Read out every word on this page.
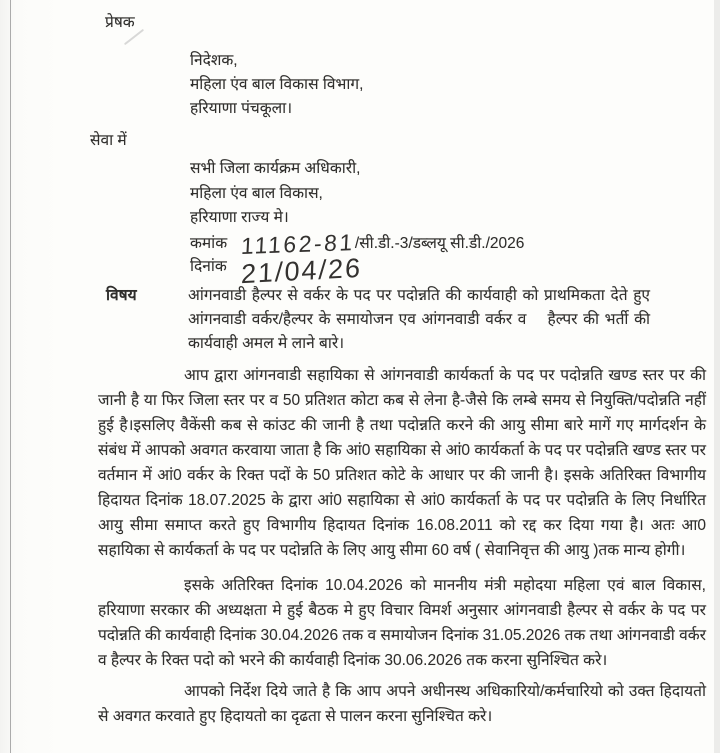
प्रेषक
निदेशक,
महिला एंव बाल विकास विभाग,
हरियाणा पंचकूला।
सेवा में
सभी जिला कार्यक्रम अधिकारी,
महिला एंव बाल विकास,
हरियाणा राज्य मे।
कमांक 11162-81/सी.डी.-3/डब्लयू सी.डी./2026
दिनांक 21/04/26
विषय	आंगनवाडी हैल्पर से वर्कर के पद पर पदोन्नति की कार्यवाही को प्राथमिकता देते हुए आंगनवाडी वर्कर/हैल्पर के समायोजन एव आंगनवाडी वर्कर व  हैल्पर की भर्ती की कार्यवाही अमल मे लाने बारे।

आप द्वारा आंगनवाडी सहायिका से आंगनवाडी कार्यकर्ता के पद पर पदोन्नति खण्ड स्तर पर की जानी है या फिर जिला स्तर पर व 50 प्रतिशत कोटा कब से लेना है-जैसे कि लम्बे समय से नियुक्ति/पदोन्नति नहीं हुई है।इसलिए वैकेंसी कब से कांउट की जानी है तथा पदोन्नति करने की आयु सीमा बारे मागें गए मार्गदर्शन के संबंध में आपको अवगत करवाया जाता है कि आं0 सहायिका से आं0 कार्यकर्ता के पद पर पदोन्नति खण्ड स्तर पर वर्तमान में आं0 वर्कर के रिक्त पदों के 50 प्रतिशत कोटे के आधार पर की जानी है। इसके अतिरिक्त विभागीय हिदायत दिनांक 18.07.2025 के द्वारा आं0 सहायिका से आं0 कार्यकर्ता के पद पर पदोन्नति के लिए निर्धारित आयु सीमा समाप्त करते हुए विभागीय हिदायत दिनांक 16.08.2011 को रद्द कर दिया गया है। अतः आ0 सहायिका से कार्यकर्ता के पद पर पदोन्नति के लिए आयु सीमा 60 वर्ष ( सेवानिवृत्त की आयु )तक मान्य होगी।

इसके अतिरिक्त दिनांक 10.04.2026 को माननीय मंत्री महोदया महिला एवं बाल विकास, हरियाणा सरकार की अध्यक्षता मे हुई बैठक मे हुए विचार विमर्श अनुसार आंगनवाडी हैल्पर से वर्कर के पद पर पदोन्नति की कार्यवाही दिनांक 30.04.2026 तक व समायोजन दिनांक 31.05.2026 तक तथा आंगनवाडी वर्कर व हैल्पर के रिक्त पदो को भरने की कार्यवाही दिनांक 30.06.2026 तक करना सुनिश्चित करे।

आपको निर्देश दिये जाते है कि आप अपने अधीनस्थ अधिकारियो/कर्मचारियो को उक्त हिदायतो से अवगत करवाते हुए हिदायतो का दृढता से पालन करना सुनिश्चित करे।
